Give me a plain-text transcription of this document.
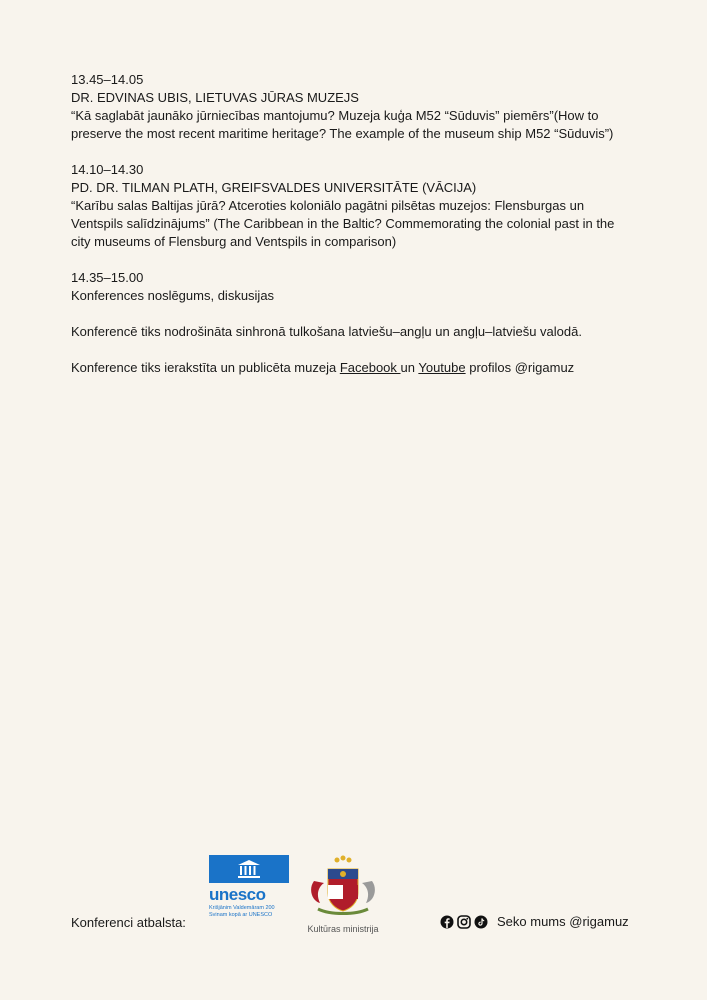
13.45–14.05
DR. EDVINAS UBIS, LIETUVAS JŪRAS MUZEJS
“Kā saglabāt jaunāko jūrniecības mantojumu? Muzeja kuģa M52 “Sūduvis” piemērs”(How to
preserve the most recent maritime heritage? The example of the museum ship M52 “Sūduvis”)
14.10–14.30
PD. DR. TILMAN PLATH, GREIFSVALDES UNIVERSITĀTE (VĀCIJA)
“Karību salas Baltijas jūrā? Atceroties koloniālo pagātni pilsētas muzejos: Flensburgas un
Ventspils salīdzinājums” (The Caribbean in the Baltic? Commemorating the colonial past in the
city museums of Flensburg and Ventspils in comparison)
14.35–15.00
Konferences noslēgums, diskusijas

Konferencē tiks nodrošināta sinhronā tulkošana latviešu–angļu un angļu–latviešu valodā.

Konference tiks ierakstīta un publicēta muzeja Facebook un Youtube profilos @rigamuz

Konferenci atbalsta:
unesco
Krišjānim Valdemāram 200
Svinam kopā ar UNESCO
Kultūras ministrija	Seko mums @rigamuz
